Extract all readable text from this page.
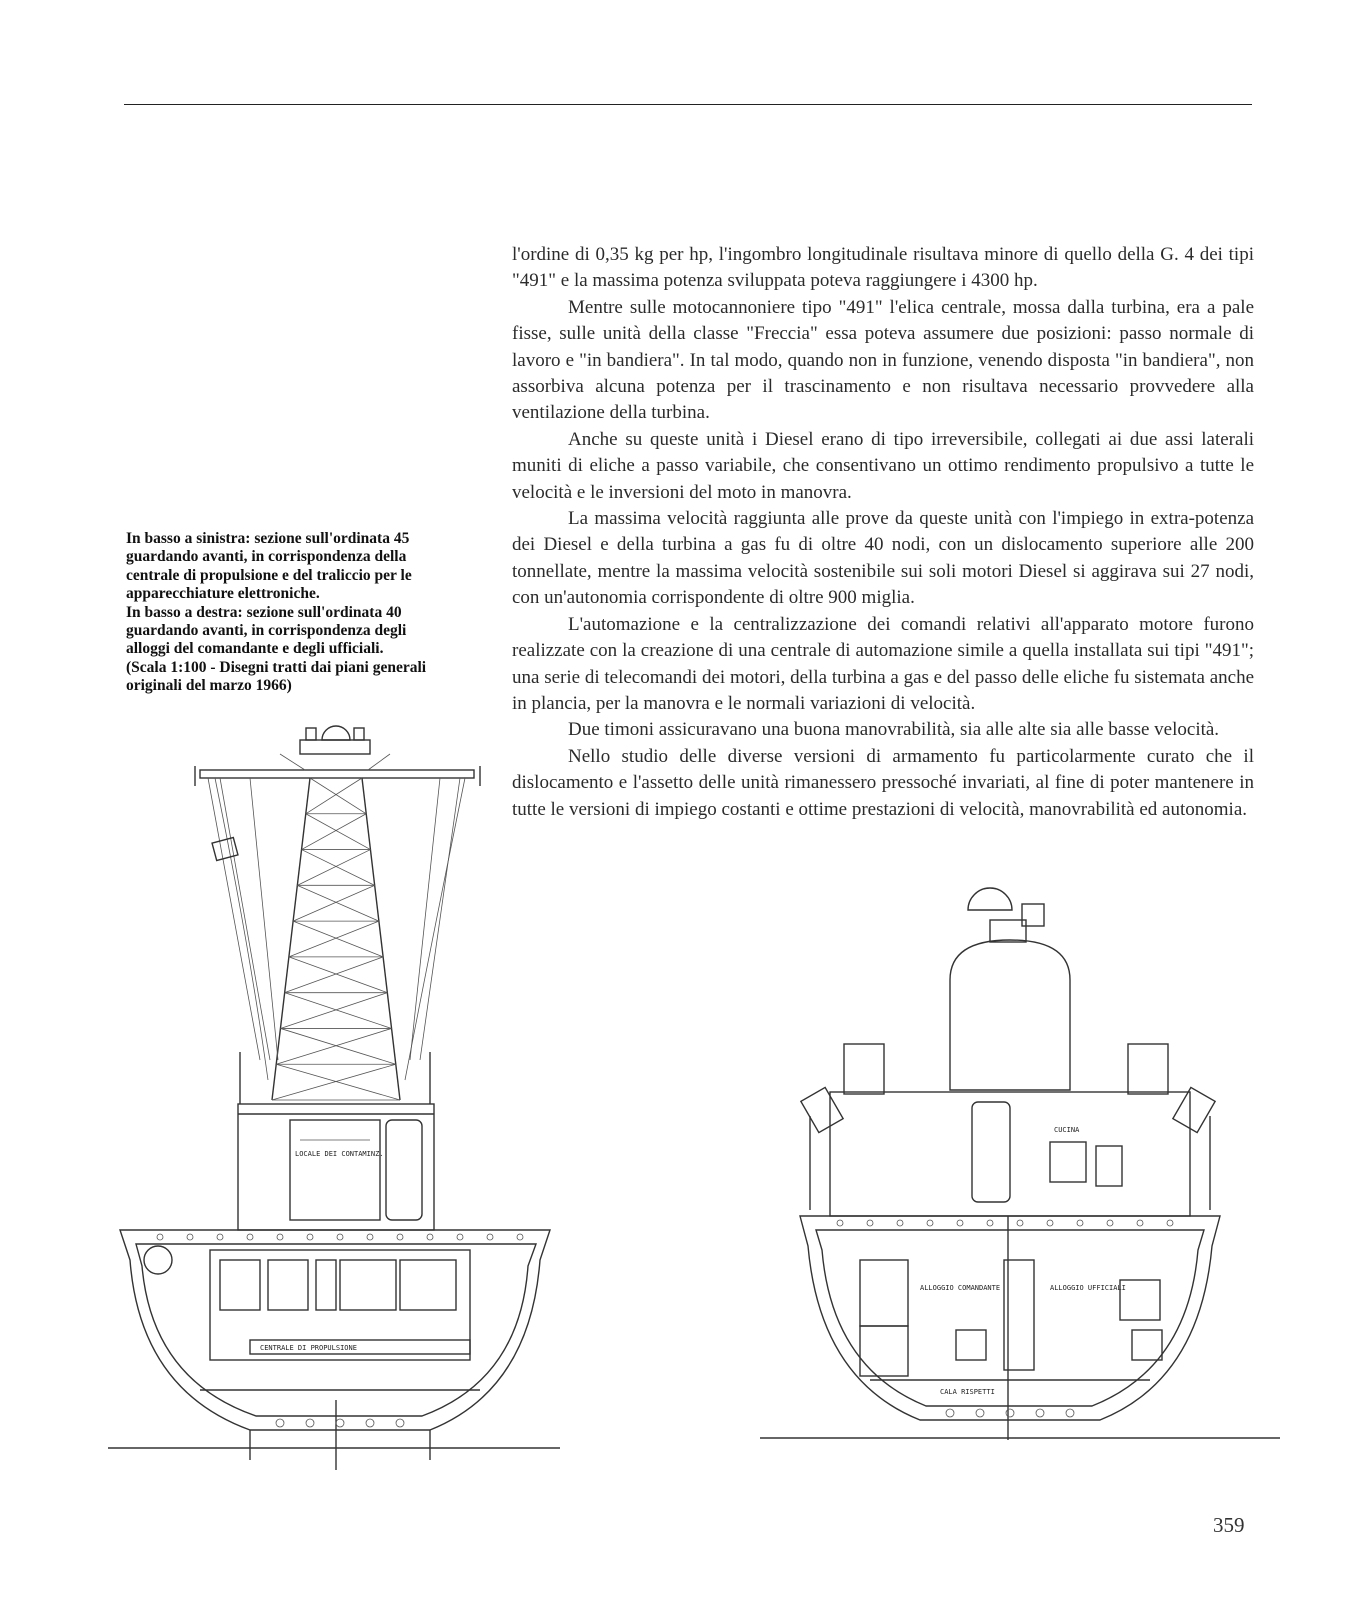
In basso a sinistra: sezione sull'ordinata 45

guardando avanti, in corrispondenza della

centrale di propulsione e del traliccio per le

apparecchiature elettroniche.

In basso a destra: sezione sull'ordinata 40

guardando avanti, in corrispondenza degli

alloggi del comandante e degli ufficiali.

(Scala 1:100 - Disegni tratti dai piani generali

originali del marzo 1966)

l'ordine di 0,35 kg per hp, l'ingombro longitudinale risultava minore di quello della G. 4 dei tipi "491" e la massima potenza sviluppata poteva raggiungere i 4300 hp.

Mentre sulle motocannoniere tipo "491" l'elica centrale, mossa dalla turbina, era a pale fisse, sulle unità della classe "Freccia" essa poteva assumere due posizioni: passo normale di lavoro e "in bandiera". In tal modo, quando non in funzione, venendo disposta "in bandiera", non assorbiva alcuna potenza per il trascinamento e non risultava necessario provvedere alla ventilazione della turbina.

Anche su queste unità i Diesel erano di tipo irreversibile, collegati ai due assi laterali muniti di eliche a passo variabile, che consentivano un ottimo rendimento propulsivo a tutte le velocità e le inversioni del moto in manovra.

La massima velocità raggiunta alle prove da queste unità con l'impiego in extra-potenza dei Diesel e della turbina a gas fu di oltre 40 nodi, con un dislocamento superiore alle 200 tonnellate, mentre la massima velocità sostenibile sui soli motori Diesel si aggirava sui 27 nodi, con un'autonomia corrispondente di oltre 900 miglia.

L'automazione e la centralizzazione dei comandi relativi all'apparato motore furono realizzate con la creazione di una centrale di automazione simile a quella installata sui tipi "491"; una serie di telecomandi dei motori, della turbina a gas e del passo delle eliche fu sistemata anche in plancia, per la manovra e le normali variazioni di velocità.

Due timoni assicuravano una buona manovrabilità, sia alle alte sia alle basse velocità.

Nello studio delle diverse versioni di armamento fu particolarmente curato che il dislocamento e l'assetto delle unità rimanessero pressoché invariati, al fine di poter mantenere in tutte le versioni di impiego costanti e ottime prestazioni di velocità, manovrabilità ed autonomia.

LOCALE DEI CONTAMINZ.
CENTRALE DI PROPULSIONE
CUCINA
ALLOGGIO COMANDANTE	ALLOGGIO UFFICIALI
CALA RISPETTI
359
